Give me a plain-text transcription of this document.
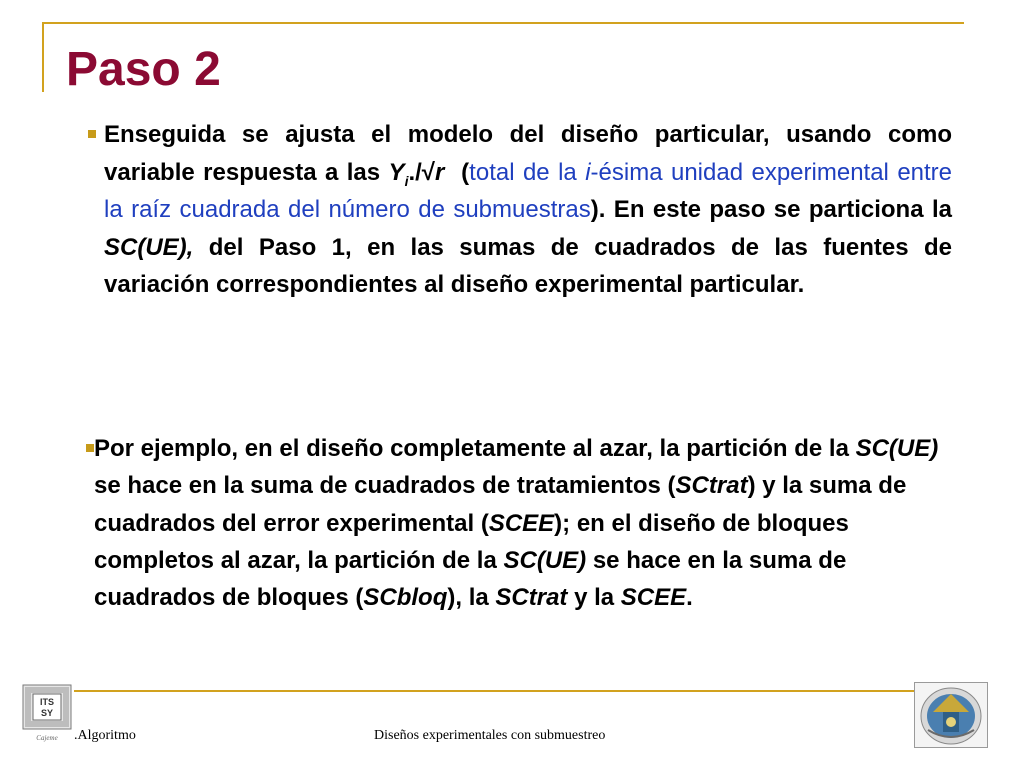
Paso 2

Enseguida se ajusta el modelo del diseño particular, usando como variable respuesta a las $Y_i./√r$  (total de la i-ésima unidad experimental entre la raíz cuadrada del número de submuestras). En este paso se particiona la SC(UE), del Paso 1, en las sumas de cuadrados de las fuentes de variación correspondientes al diseño experimental particular.

Por ejemplo, en el diseño completamente al azar, la partición de la SC(UE) se hace en la suma de cuadrados de tratamientos (SCtrat) y la suma de cuadrados del error experimental (SCEE); en el diseño de bloques completos al azar, la partición de la SC(UE) se hace en la suma de cuadrados de bloques (SCbloq), la SCtrat y la SCEE.

ITS
SY
Cajeme .Algoritmo	Diseños experimentales con submuestreo
